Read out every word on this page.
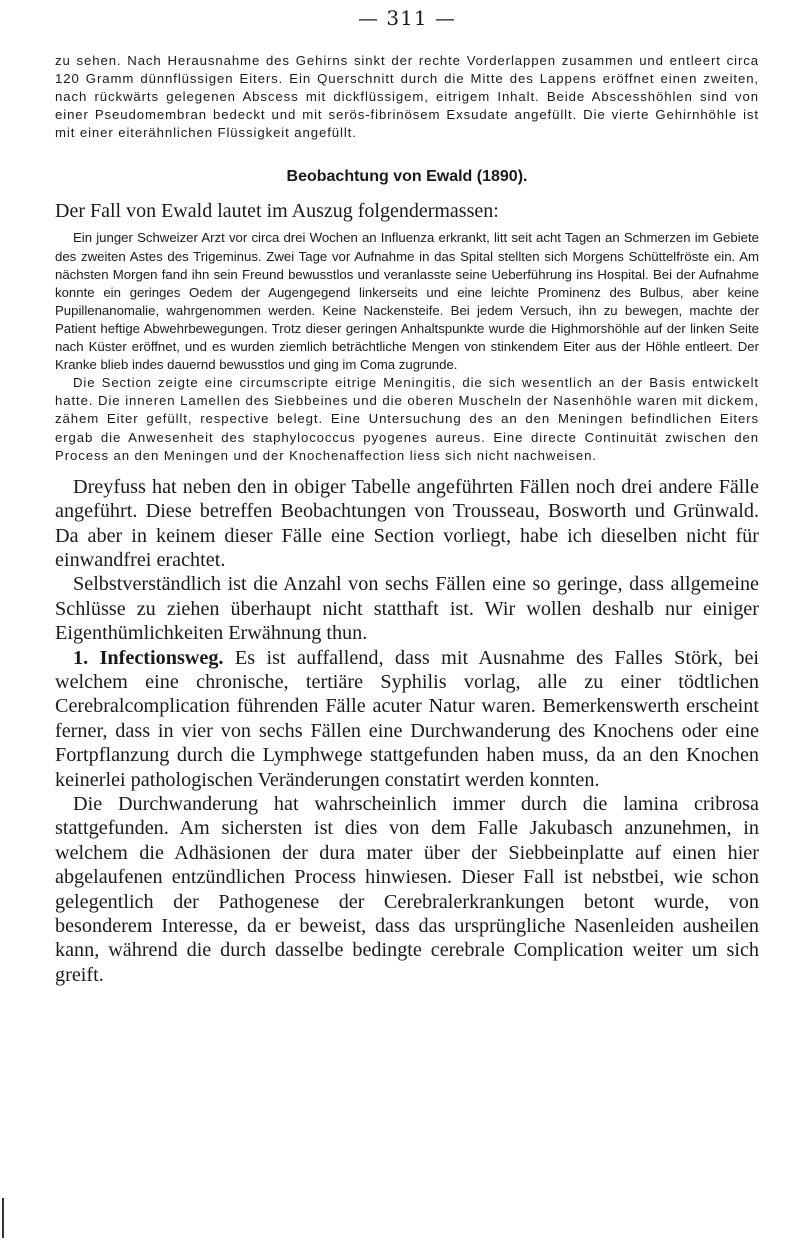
— 311 —

zu sehen. Nach Herausnahme des Gehirns sinkt der rechte Vorderlappen zusammen und entleert circa 120 Gramm dünnflüssigen Eiters. Ein Querschnitt durch die Mitte des Lappens eröffnet einen zweiten, nach rückwärts gelegenen Abscess mit dickflüssigem, eitrigem Inhalt. Beide Abscesshöhlen sind von einer Pseudomembran bedeckt und mit serös-fibrinösem Exsudate angefüllt. Die vierte Gehirnhöhle ist mit einer eiterähnlichen Flüssigkeit angefüllt.

Beobachtung von Ewald (1890).

Der Fall von Ewald lautet im Auszug folgendermassen:

Ein junger Schweizer Arzt vor circa drei Wochen an Influenza erkrankt, litt seit acht Tagen an Schmerzen im Gebiete des zweiten Astes des Trigeminus. Zwei Tage vor Aufnahme in das Spital stellten sich Morgens Schüttelfröste ein. Am nächsten Morgen fand ihn sein Freund bewusstlos und veranlasste seine Ueberführung ins Hospital. Bei der Aufnahme konnte ein geringes Oedem der Augengegend linkerseits und eine leichte Prominenz des Bulbus, aber keine Pupillenanomalie, wahrgenommen werden. Keine Nackensteife. Bei jedem Versuch, ihn zu bewegen, machte der Patient heftige Abwehrbewegungen. Trotz dieser geringen Anhaltspunkte wurde die Highmorshöhle auf der linken Seite nach Küster eröffnet, und es wurden ziemlich beträchtliche Mengen von stinkendem Eiter aus der Höhle entleert. Der Kranke blieb indes dauernd bewusstlos und ging im Coma zugrunde.

Die Section zeigte eine circumscripte eitrige Meningitis, die sich wesentlich an der Basis entwickelt hatte. Die inneren Lamellen des Siebbeines und die oberen Muscheln der Nasenhöhle waren mit dickem, zähem Eiter gefüllt, respective belegt. Eine Untersuchung des an den Meningen befindlichen Eiters ergab die Anwesenheit des staphylococcus pyogenes aureus. Eine directe Continuität zwischen den Process an den Meningen und der Knochenaffection liess sich nicht nachweisen.

Dreyfuss hat neben den in obiger Tabelle angeführten Fällen noch drei andere Fälle angeführt. Diese betreffen Beobachtungen von Trousseau, Bosworth und Grünwald. Da aber in keinem dieser Fälle eine Section vorliegt, habe ich dieselben nicht für einwandfrei erachtet.

Selbstverständlich ist die Anzahl von sechs Fällen eine so geringe, dass allgemeine Schlüsse zu ziehen überhaupt nicht statthaft ist. Wir wollen deshalb nur einiger Eigenthümlichkeiten Erwähnung thun.

1. Infectionsweg. Es ist auffallend, dass mit Ausnahme des Falles Störk, bei welchem eine chronische, tertiäre Syphilis vorlag, alle zu einer tödtlichen Cerebralcomplication führenden Fälle acuter Natur waren. Bemerkenswerth erscheint ferner, dass in vier von sechs Fällen eine Durchwanderung des Knochens oder eine Fortpflanzung durch die Lymphwege stattgefunden haben muss, da an den Knochen keinerlei pathologischen Veränderungen constatirt werden konnten.

Die Durchwanderung hat wahrscheinlich immer durch die lamina cribrosa stattgefunden. Am sichersten ist dies von dem Falle Jakubasch anzunehmen, in welchem die Adhäsionen der dura mater über der Siebbeinplatte auf einen hier abgelaufenen entzündlichen Process hinwiesen. Dieser Fall ist nebstbei, wie schon gelegentlich der Pathogenese der Cerebralerkrankungen betont wurde, von besonderem Interesse, da er beweist, dass das ursprüngliche Nasenleiden ausheilen kann, während die durch dasselbe bedingte cerebrale Complication weiter um sich greift.
